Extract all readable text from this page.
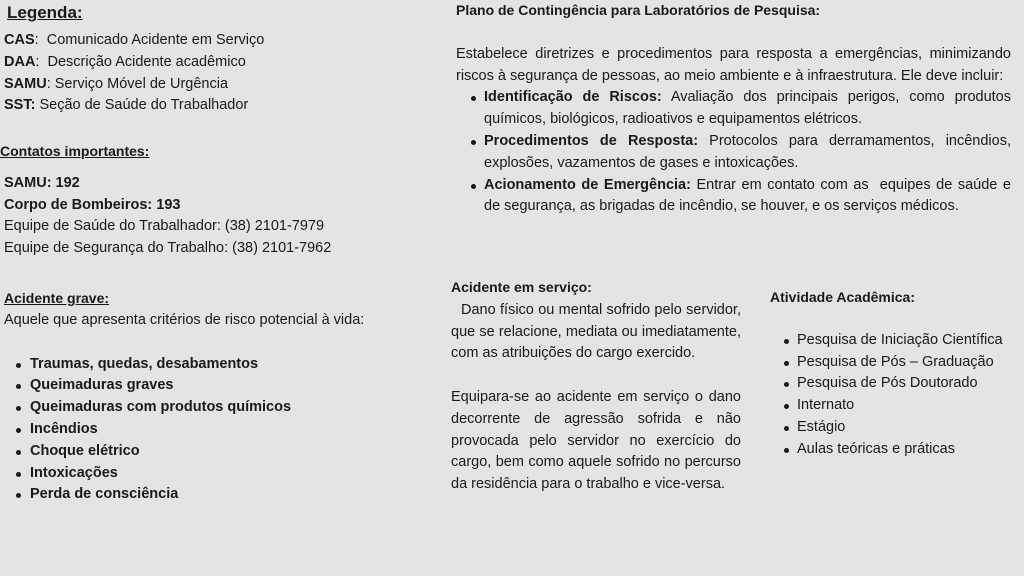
Legenda:
CAS:  Comunicado Acidente em Serviço
DAA:  Descrição Acidente acadêmico
SAMU: Serviço Móvel de Urgência
SST: Seção de Saúde do Trabalhador
Contatos importantes:
SAMU: 192
Corpo de Bombeiros: 193
Equipe de Saúde do Trabalhador: (38) 2101-7979
Equipe de Segurança do Trabalho: (38) 2101-7962
Acidente grave:
Aquele que apresenta critérios de risco potencial à vida:
Traumas, quedas, desabamentos
Queimaduras graves
Queimaduras com produtos químicos
Incêndios
Choque elétrico
Intoxicações
Perda de consciência
Plano de Contingência para Laboratórios de Pesquisa:

Estabelece diretrizes e procedimentos para resposta a emergências, minimizando riscos à segurança de pessoas, ao meio ambiente e à infraestrutura. Ele deve incluir:

Identificação de Riscos: Avaliação dos principais perigos, como produtos químicos, biológicos, radioativos e equipamentos elétricos.
Procedimentos de Resposta: Protocolos para derramamentos, incêndios, explosões, vazamentos de gases e intoxicações.
Acionamento de Emergência: Entrar em contato com as  equipes de saúde e de segurança, as brigadas de incêndio, se houver, e os serviços médicos.
Acidente em serviço:

Dano físico ou mental sofrido pelo servidor, que se relacione, mediata ou imediatamente, com as atribuições do cargo exercido.

Equipara-se ao acidente em serviço o dano decorrente de agressão sofrida e não provocada pelo servidor no exercício do cargo, bem como aquele sofrido no percurso da residência para o trabalho e vice-versa.

Atividade Acadêmica:
Pesquisa de Iniciação Científica
Pesquisa de Pós – Graduação
Pesquisa de Pós Doutorado
Internato
Estágio
Aulas teóricas e práticas
